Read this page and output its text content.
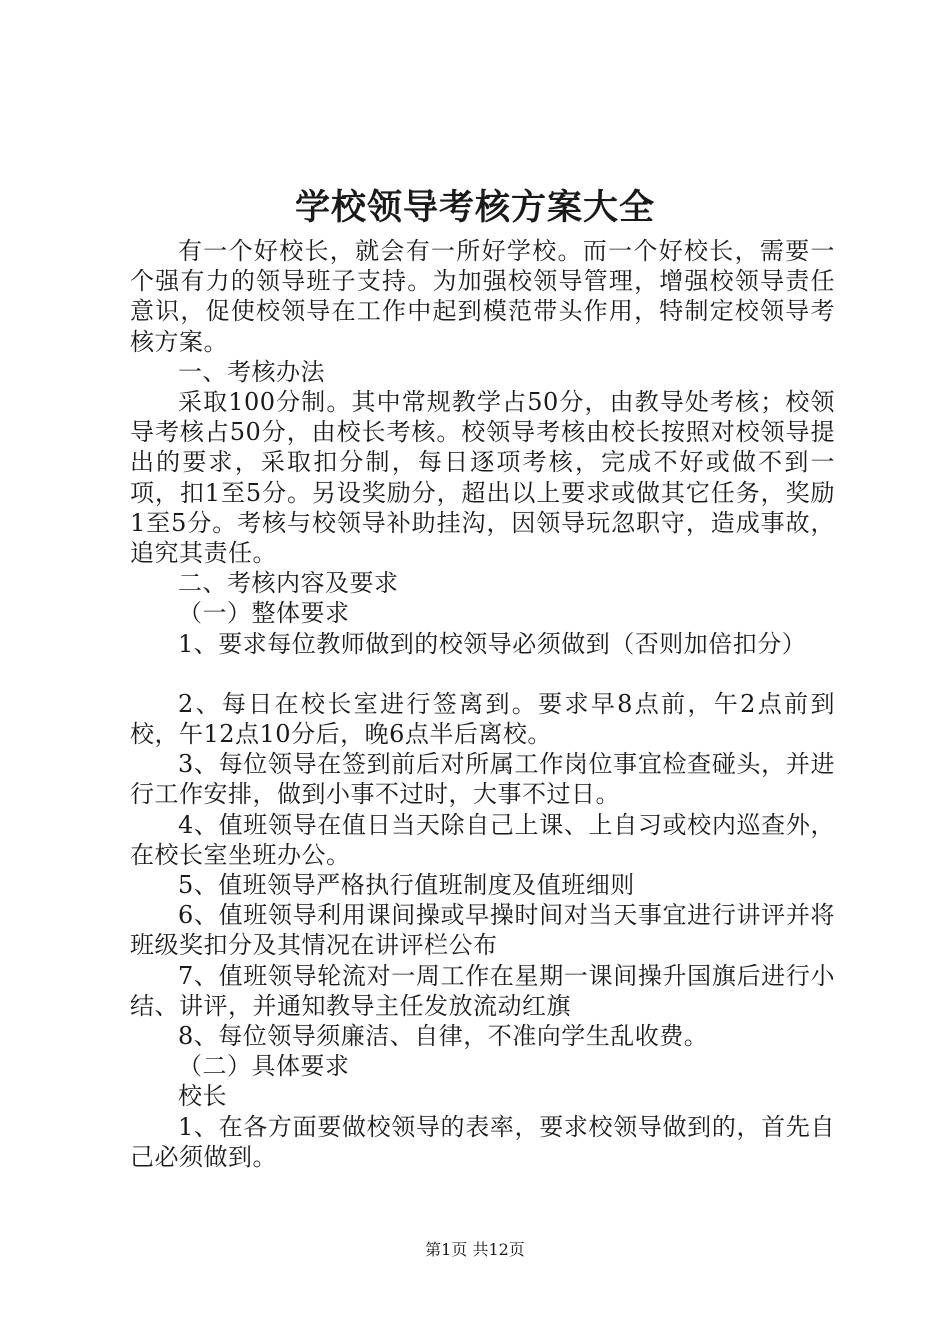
学校领导考核方案大全

有一个好校长，就会有一所好学校。而一个好校长，需要一个强有力的领导班子支持。为加强校领导管理，增强校领导责任意识，促使校领导在工作中起到模范带头作用，特制定校领导考核方案。

一、考核办法

采取100分制。其中常规教学占50分，由教导处考核；校领导考核占50分，由校长考核。校领导考核由校长按照对校领导提出的要求，采取扣分制，每日逐项考核，完成不好或做不到一项，扣1至5分。另设奖励分，超出以上要求或做其它任务，奖励1至5分。考核与校领导补助挂沟，因领导玩忽职守，造成事故，追究其责任。

二、考核内容及要求

（一）整体要求

1、要求每位教师做到的校领导必须做到（否则加倍扣分）

2、每日在校长室进行签离到。要求早8点前，午2点前到校，午12点10分后，晚6点半后离校。

3、每位领导在签到前后对所属工作岗位事宜检查碰头，并进行工作安排，做到小事不过时，大事不过日。

4、值班领导在值日当天除自己上课、上自习或校内巡查外，在校长室坐班办公。

5、值班领导严格执行值班制度及值班细则

6、值班领导利用课间操或早操时间对当天事宜进行讲评并将班级奖扣分及其情况在讲评栏公布

7、值班领导轮流对一周工作在星期一课间操升国旗后进行小结、讲评，并通知教导主任发放流动红旗

8、每位领导须廉洁、自律，不准向学生乱收费。

（二）具体要求

校长

1、在各方面要做校领导的表率，要求校领导做到的，首先自己必须做到。

第1页 共12页
